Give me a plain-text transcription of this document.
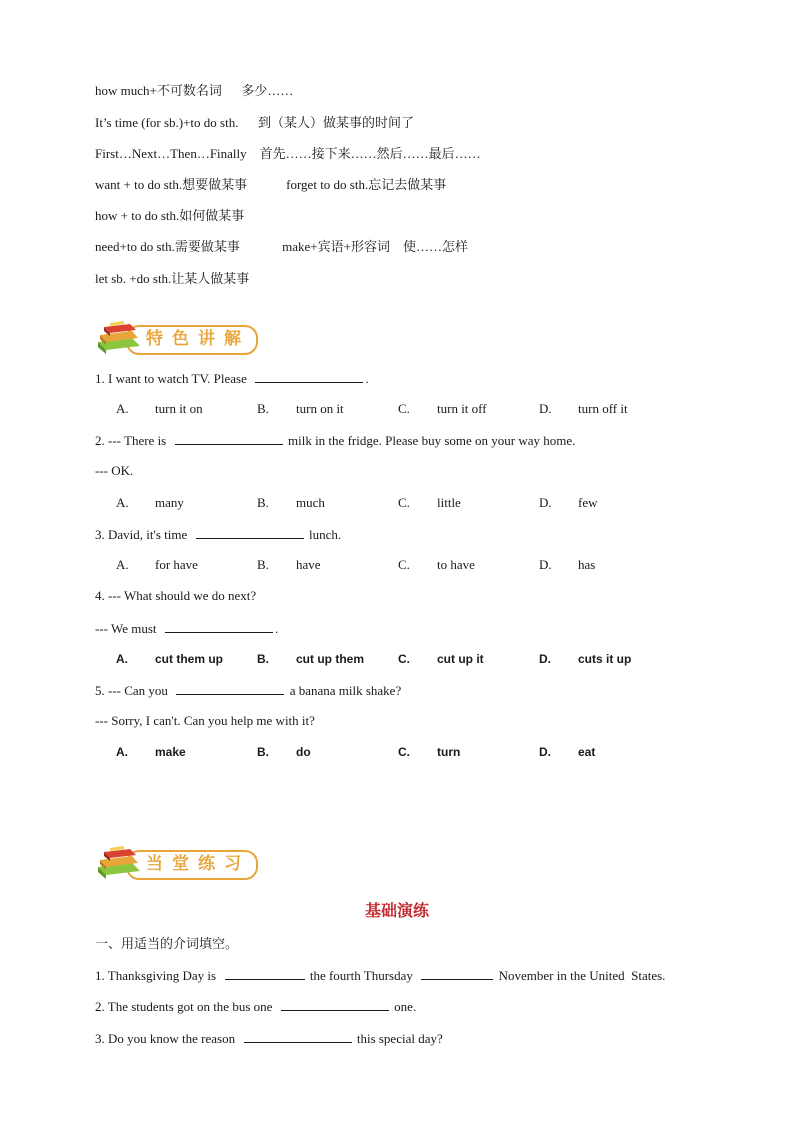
how much+不可数名词      多少……
It’s time (for sb.)+to do sth.      到（某人）做某事的时间了
First…Next…Then…Finally    首先……接下来……然后……最后……
want + to do sth.想要做某事            forget to do sth.忘记去做某事
how + to do sth.如何做某事
need+to do sth.需要做某事             make+宾语+形容词    使……怎样
let sb. +do sth.让某人做某事
特色讲解
1. I want to watch TV. Please	.
A. turn it on	B. turn on it	C. turn it off	D. turn off it
2. --- There is	milk in the fridge. Please buy some on your way home.
--- OK.
A. many	B. much	C. little	D. few
3. David, it's time	lunch.
A. for have	B. have	C. to have	D. has
4. --- What should we do next?
--- We must	.
A. cut them up	B. cut up them	C. cut up it	D. cuts it up
5. --- Can you	a banana milk shake?
--- Sorry, I can't. Can you help me with it?
A. make	B. do	C. turn	D. eat
当堂练习
基础演练
一、用适当的介词填空。
1. Thanksgiving Day is	the fourth Thursday	November in the United  States.
2. The students got on the bus one	one.
3. Do you know the reason	this special day?
